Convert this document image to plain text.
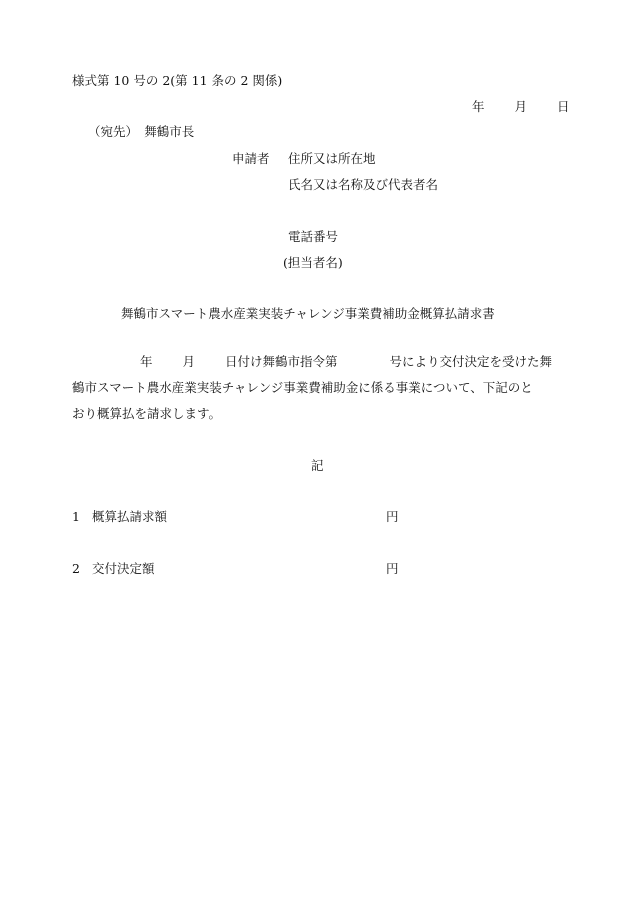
様式第 10 号の 2(第 11 条の 2 関係)
年 月 日
（宛先）　舞鶴市長
申請者 住所又は所在地
氏名又は名称及び代表者名
電話番号
(担当者名)
舞鶴市スマート農水産業実装チャレンジ事業費補助金概算払請求書
年 月 日付け舞鶴市指令第	号により交付決定を受けた舞
鶴市スマート農水産業実装チャレンジ事業費補助金に係る事業について、下記のと
おり概算払を請求します。
記
1 概算払請求額	円
2 交付決定額	円
